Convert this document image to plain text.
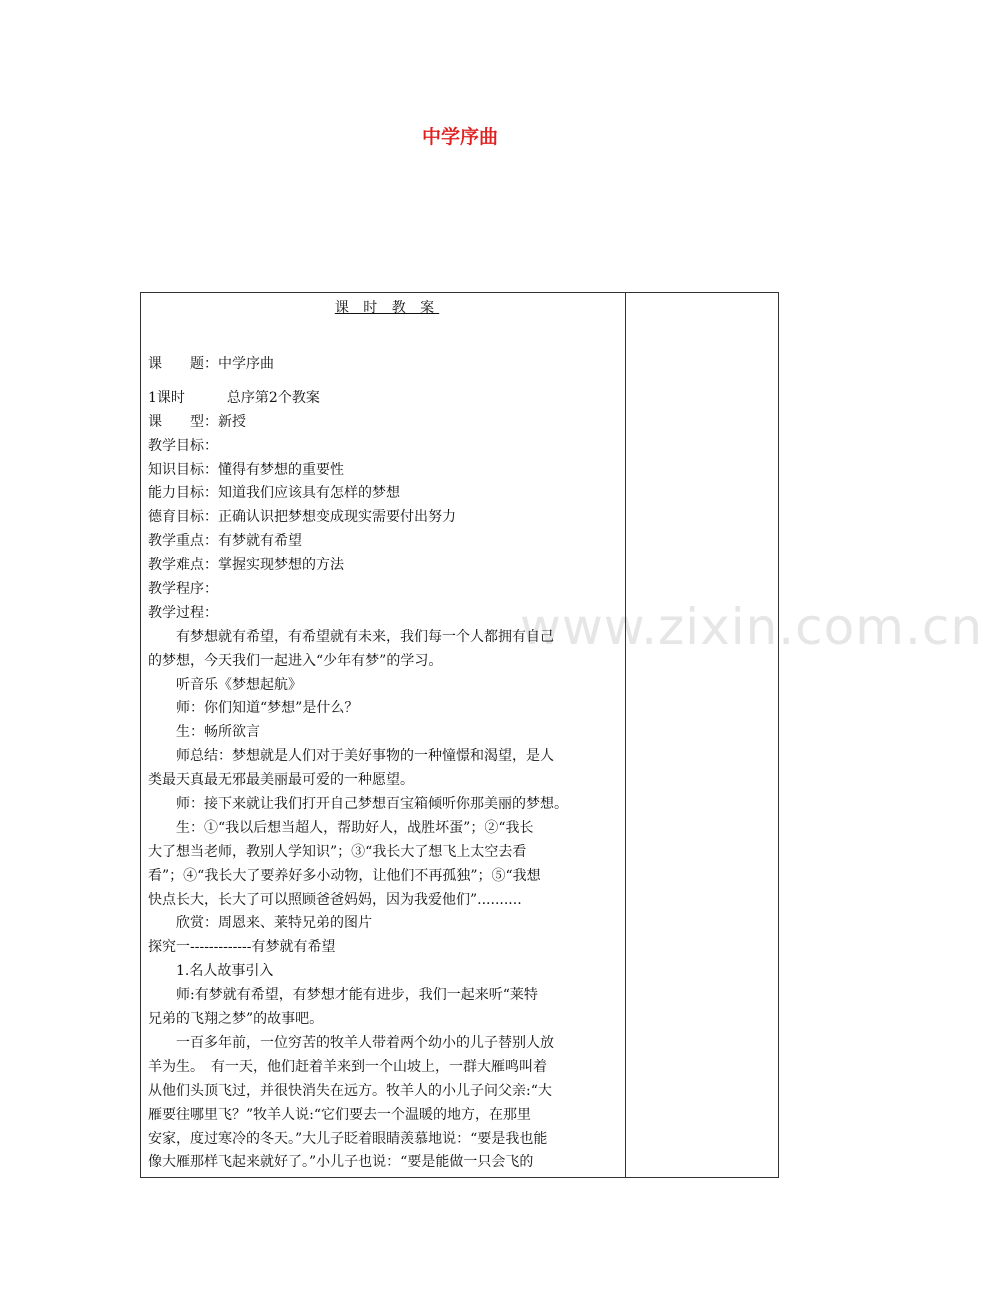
中学序曲
www.zixin.com.cn
课 时 教 案
课　　题：中学序曲
1课时　　　总序第2个教案
课　　型：新授
教学目标：
知识目标：懂得有梦想的重要性
能力目标：知道我们应该具有怎样的梦想
德育目标：正确认识把梦想变成现实需要付出努力
教学重点：有梦就有希望
教学难点：掌握实现梦想的方法
教学程序：
教学过程：
有梦想就有希望，有希望就有未来，我们每一个人都拥有自己
的梦想，今天我们一起进入“少年有梦”的学习。
听音乐《梦想起航》
师：你们知道“梦想”是什么？
生：畅所欲言
师总结：梦想就是人们对于美好事物的一种憧憬和渴望，是人
类最天真最无邪最美丽最可爱的一种愿望。
师：接下来就让我们打开自己梦想百宝箱倾听你那美丽的梦想。
生：①“我以后想当超人，帮助好人，战胜坏蛋”；②“我长
大了想当老师，教别人学知识”；③“我长大了想飞上太空去看
看”；④“我长大了要养好多小动物，让他们不再孤独”；⑤“我想
快点长大，长大了可以照顾爸爸妈妈，因为我爱他们”..........
欣赏：周恩来、莱特兄弟的图片
探究一-------------有梦就有希望
1.名人故事引入
师:有梦就有希望，有梦想才能有进步，我们一起来听“莱特
兄弟的飞翔之梦”的故事吧。
一百多年前，一位穷苦的牧羊人带着两个幼小的儿子替别人放
羊为生。　有一天，他们赶着羊来到一个山坡上，一群大雁鸣叫着
从他们头顶飞过，并很快消失在远方。牧羊人的小儿子问父亲:“大
雁要往哪里飞？”牧羊人说:“它们要去一个温暖的地方，在那里
安家，度过寒冷的冬天。”大儿子眨着眼睛羡慕地说：“要是我也能
像大雁那样飞起来就好了。”小儿子也说：“要是能做一只会飞的
